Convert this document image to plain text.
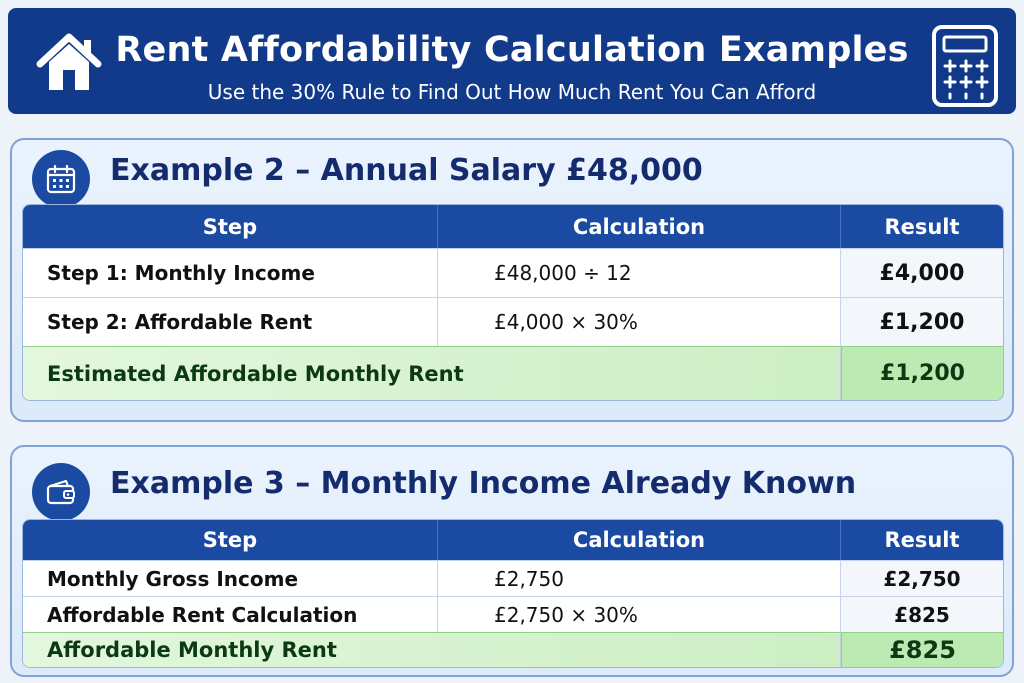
Rent Affordability Calculation Examples
Use the 30% Rule to Find Out How Much Rent You Can Afford
Example 2 – Annual Salary £48,000
Step	Calculation	Result
Step 1: Monthly Income	£48,000 ÷ 12	£4,000
Step 2: Affordable Rent	£4,000 × 30%	£1,200
Estimated Affordable Monthly Rent		£1,200
Example 3 – Monthly Income Already Known
Step	Calculation	Result
Monthly Gross Income	£2,750	£2,750
Affordable Rent Calculation	£2,750 × 30%	£825
Affordable Monthly Rent		£825
